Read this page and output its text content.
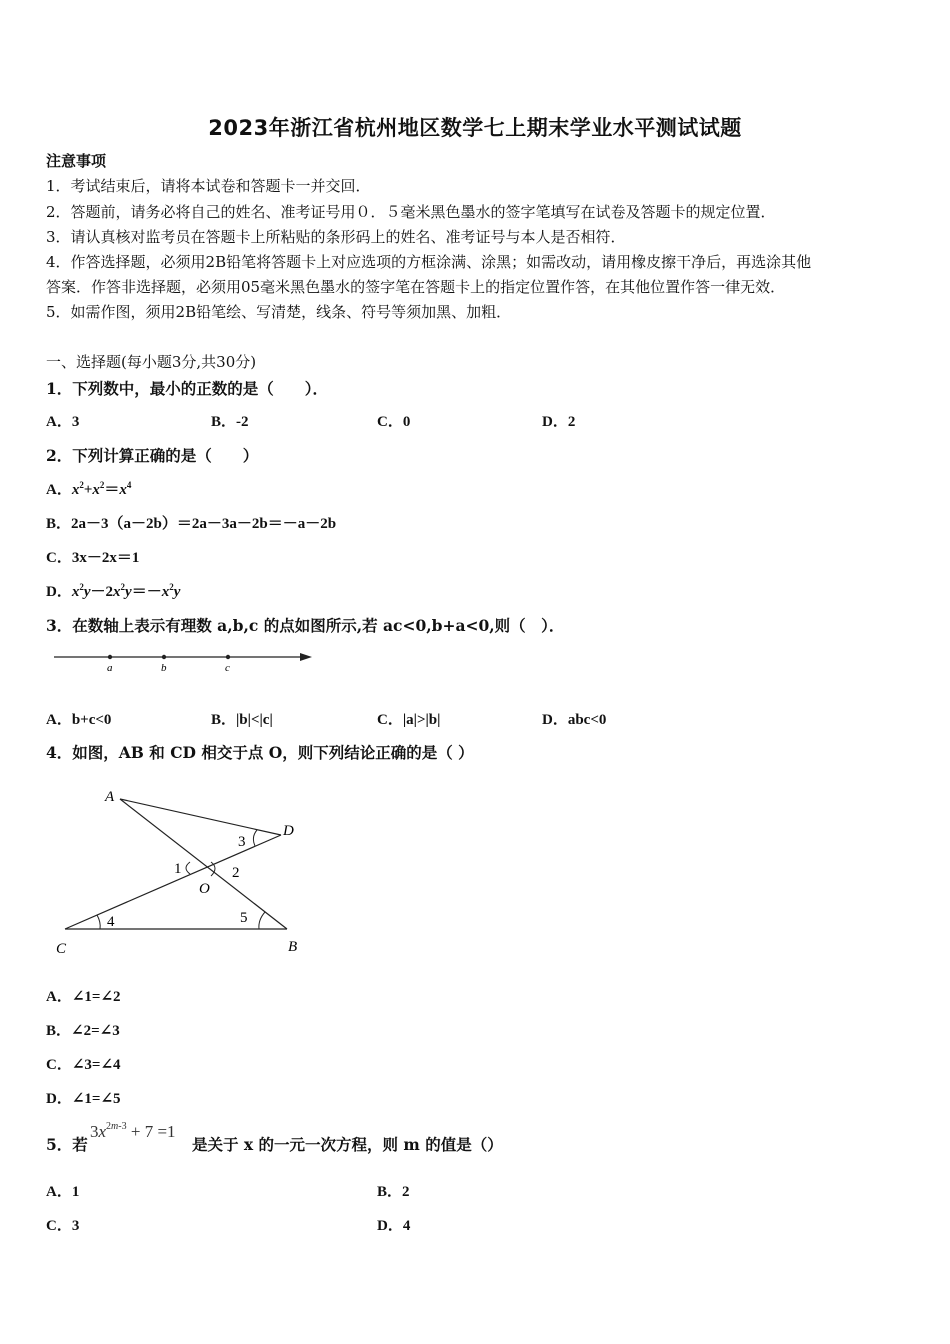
2023年浙江省杭州地区数学七上期末学业水平测试试题
注意事项
1．考试结束后，请将本试卷和答题卡一并交回．
2．答题前，请务必将自己的姓名、准考证号用０．５毫米黑色墨水的签字笔填写在试卷及答题卡的规定位置．
3．请认真核对监考员在答题卡上所粘贴的条形码上的姓名、准考证号与本人是否相符．
4．作答选择题，必须用2B铅笔将答题卡上对应选项的方框涂满、涂黑；如需改动，请用橡皮擦干净后，再选涂其他
答案．作答非选择题，必须用05毫米黑色墨水的签字笔在答题卡上的指定位置作答，在其他位置作答一律无效．
5．如需作图，须用2B铅笔绘、写清楚，线条、符号等须加黑、加粗．
一、选择题(每小题3分,共30分)
1．下列数中，最小的正数的是（　　）．
A．3	B．-2	C．0	D．2
2．下列计算正确的是（　　）
A．$x^2+x^2=x^4$
B．2a－3（a－2b）＝2a－3a－2b＝－a－2b
C．3x－2x＝1
D．$x^2y-2x^2y=-x^2y$
3．在数轴上表示有理数 a,b,c 的点如图所示,若 ac<0,b+a<0,则（　）．
a	b	c
A．b+c<0	B．|b|<|c|	C．|a|>|b|	D．abc<0
4．如图，AB 和 CD 相交于点 O，则下列结论正确的是（ ）
A
D
C	B
O
1	2
3
4	5
A．∠1=∠2
B．∠2=∠3
C．∠3=∠4
D．∠1=∠5
5．若
$3x^{2m-3} + 7 =1$
是关于 x 的一元一次方程，则 m 的值是（）
A．1	B．2
C．3	D．4
